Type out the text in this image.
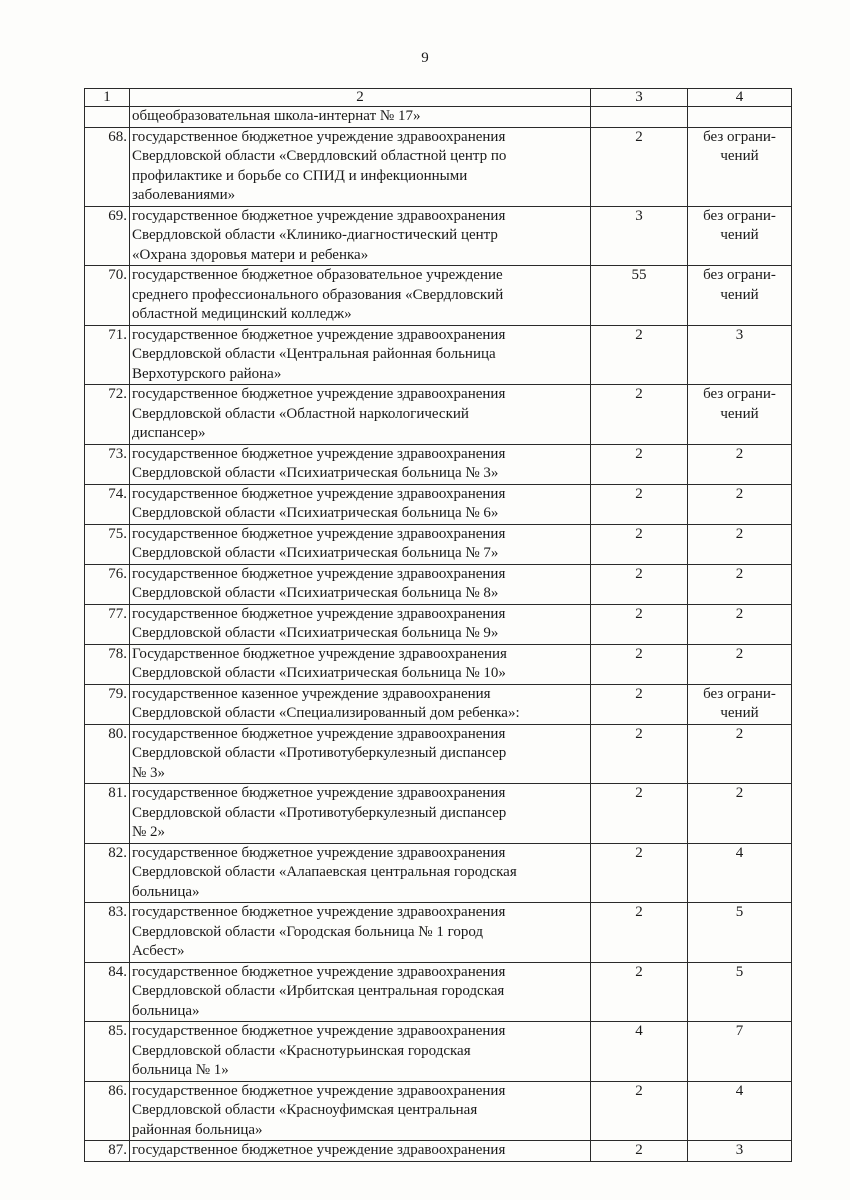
9
1	2	3	4

	общеобразовательная школа-интернат № 17»		

68.	государственное бюджетное учреждение здравоохранения
Свердловской области «Свердловский областной центр по
профилактике и борьбе со СПИД и инфекционными
заболеваниями»	2	без ограни-
чений

69.	государственное бюджетное учреждение здравоохранения
Свердловской области «Клинико-диагностический центр
«Охрана здоровья матери и ребенка»	3	без ограни-
чений

70.	государственное бюджетное образовательное учреждение
среднего профессионального образования «Свердловский
областной медицинский колледж»	55	без ограни-
чений

71.	государственное бюджетное учреждение здравоохранения
Свердловской области «Центральная районная больница
Верхотурского района»	2	3

72.	государственное бюджетное учреждение здравоохранения
Свердловской области «Областной наркологический
диспансер»	2	без ограни-
чений

73.	государственное бюджетное учреждение здравоохранения
Свердловской области «Психиатрическая больница № 3»	2	2

74.	государственное бюджетное учреждение здравоохранения
Свердловской области «Психиатрическая больница № 6»	2	2

75.	государственное бюджетное учреждение здравоохранения
Свердловской области «Психиатрическая больница № 7»	2	2

76.	государственное бюджетное учреждение здравоохранения
Свердловской области «Психиатрическая больница № 8»	2	2

77.	государственное бюджетное учреждение здравоохранения
Свердловской области «Психиатрическая больница № 9»	2	2

78.	Государственное бюджетное учреждение здравоохранения
Свердловской области «Психиатрическая больница № 10»	2	2

79.	государственное казенное учреждение здравоохранения
Свердловской области «Специализированный дом ребенка»:	2	без ограни-
чений

80.	государственное бюджетное учреждение здравоохранения
Свердловской области «Противотуберкулезный диспансер
№ 3»	2	2

81.	государственное бюджетное учреждение здравоохранения
Свердловской области «Противотуберкулезный диспансер
№ 2»	2	2

82.	государственное бюджетное учреждение здравоохранения
Свердловской области «Алапаевская центральная городская
больница»	2	4

83.	государственное бюджетное учреждение здравоохранения
Свердловской области «Городская больница № 1 город
Асбест»	2	5

84.	государственное бюджетное учреждение здравоохранения
Свердловской области «Ирбитская центральная городская
больница»	2	5

85.	государственное бюджетное учреждение здравоохранения
Свердловской области «Краснотурьинская городская
больница № 1»	4	7

86.	государственное бюджетное учреждение здравоохранения
Свердловской области «Красноуфимская центральная
районная больница»	2	4

87.	государственное бюджетное учреждение здравоохранения	2	3
